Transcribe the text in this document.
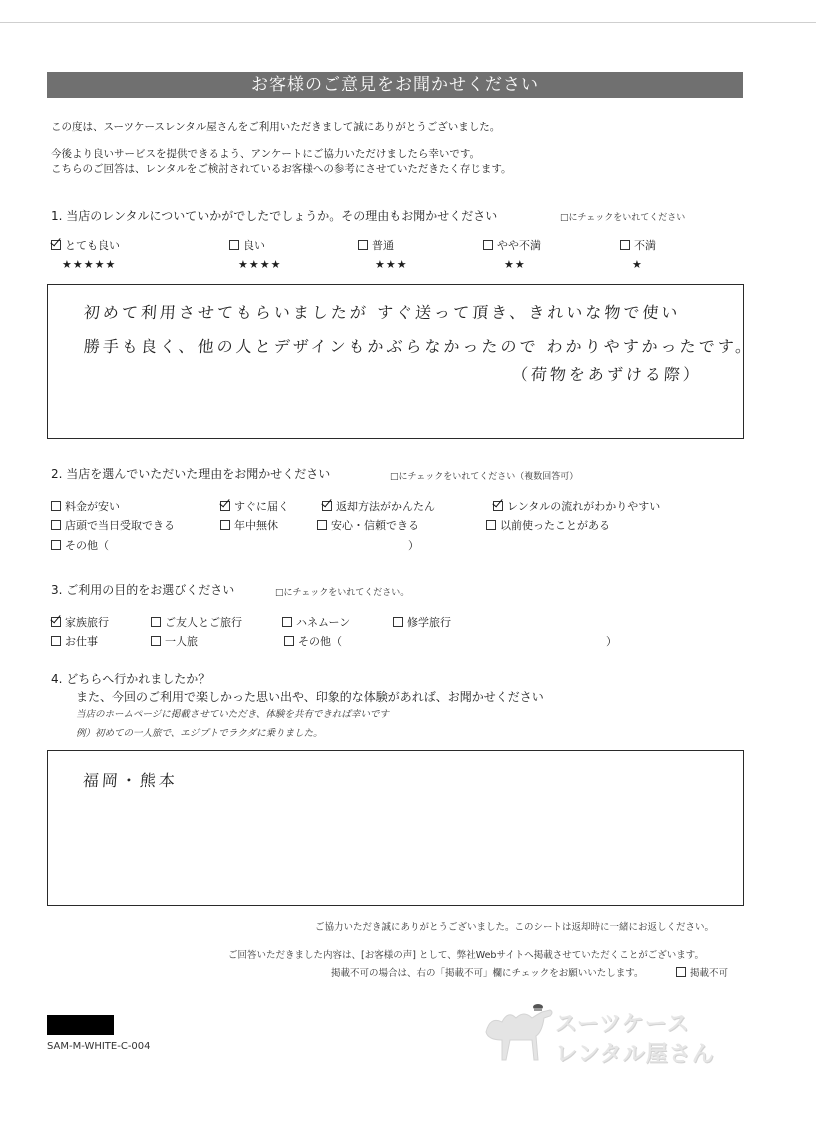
お客様のご意見をお聞かせください
この度は、スーツケースレンタル屋さんをご利用いただきまして誠にありがとうございました。
今後より良いサービスを提供できるよう、アンケートにご協力いただけましたら幸いです。
こちらのご回答は、レンタルをご検討されているお客様への参考にさせていただきたく存じます。
1. 当店のレンタルについていかがでしたでしょうか。その理由もお聞かせください	□にチェックをいれてください
とても良い	良い	普通	やや不満	不満
★★★★★	★★★★	★★★	★★	★
初めて利用させてもらいましたが すぐ送って頂き、きれいな物で使い
勝手も良く、他の人とデザインもかぶらなかったので わかりやすかったです。
（荷物をあずける際）
2. 当店を選んでいただいた理由をお聞かせください	□にチェックをいれてください（複数回答可）
料金が安い	すぐに届く	返却方法がかんたん	レンタルの流れがわかりやすい
店頭で当日受取できる	年中無休	安心・信頼できる	以前使ったことがある
その他（	）
3. ご利用の目的をお選びください	□にチェックをいれてください。
家族旅行	ご友人とご旅行	ハネムーン	修学旅行
お仕事	一人旅	その他（	）
4. どちらへ行かれましたか？
また、今回のご利用で楽しかった思い出や、印象的な体験があれば、お聞かせください
当店のホームページに掲載させていただき、体験を共有できれば幸いです
例）初めての一人旅で、エジプトでラクダに乗りました。
福岡・熊本
ご協力いただき誠にありがとうございました。このシートは返却時に一緒にお返しください。
ご回答いただきました内容は、[お客様の声] として、弊社Webサイトへ掲載させていただくことがございます。
掲載不可の場合は、右の「掲載不可」欄にチェックをお願いいたします。	掲載不可
SAM-M-WHITE-C-004
スーツケース
レンタル屋さん
